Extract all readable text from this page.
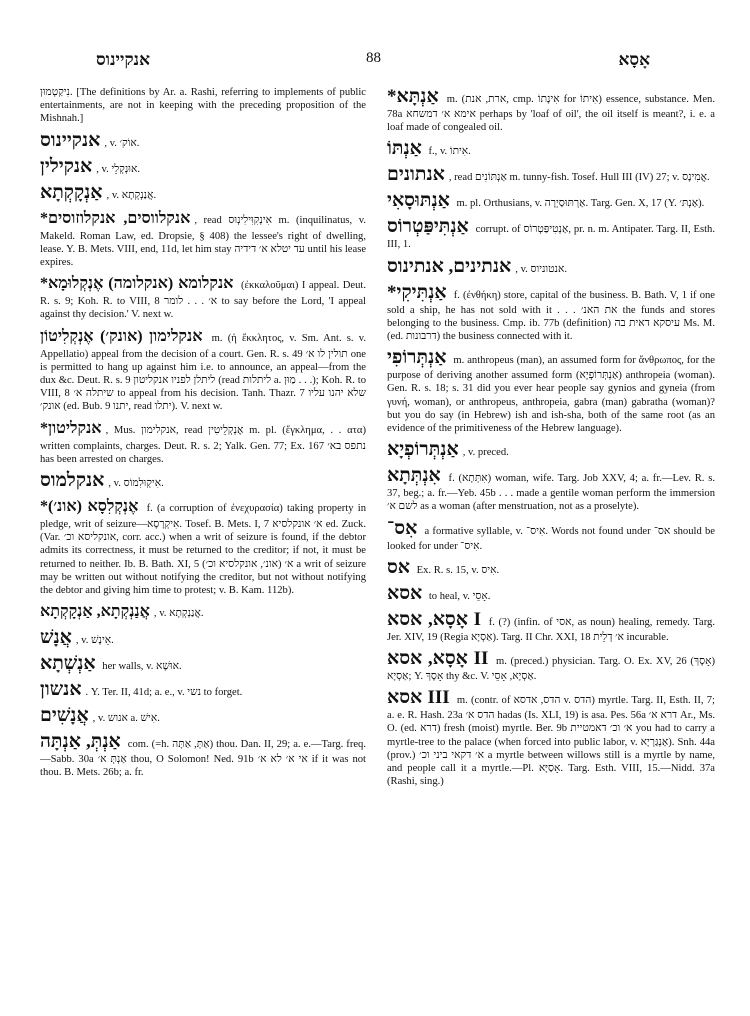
אנקיינוס	88	אָסָא
נִיקַטְמוּן. [The definitions by Ar. a. Rashi, referring to implements of public entertainments, are not in keeping with the preceding proposition of the Mishnah.]
אנקיינוס , v. אוֹק׳.
אנקילין , v. אוּנְקְלֵי.
אַנְקָקְתָא , v. אֲנַנְקְתָא.
*אנקלווסים, אנקלוזוסים , read אִינְקִוִּילִינְוּס m. (inquilinatus, v. Makeld. Roman Law, ed. Dropsie, § 408) the lessee's right of dwelling, lease. Y. B. Mets. VIII, end, 11d, let him stay עד יטלא א׳ דידיה until his lease expires.
*אנקלומא (אנקלומה) אֶנְקְלוּמָא (ἐκκαλοῦμαι) I appeal. Deut. R. s. 9; Koh. R. to VIII, 8 א׳ . . . לומר to say before the Lord, 'I appeal against thy decision.' V. next w.
אנקלימון (אונק׳) אֶנְקְלִיטוֹן m. (ἡ ἔκκλητος, v. Sm. Ant. s. v. Appellatio) appeal from the decision of a court. Gen. R. s. 49 תולין לו א׳ one is permitted to hang up against him i.e. to announce, an appeal—from the dux &c. Deut. R. s. 9 ליתלן לפניו אנקליטון (read ליתלות a. מַוּן . . .); Koh. R. to VIII, 8 שיתלה א׳ to appeal from his decision. Tanh. Thazr. 7 שלא יהנו עליו אונק׳ (ed. Bub. 9 יתנו, read יתלו). V. next w.
*אנקליטון , Mus. אנקלימון, read אֶנְקְלֵיטִין m. pl. (ἔγκλημα, . . ατα) written complaints, charges. Deut. R. s. 2; Yalk. Gen. 77; Ex. 167 נתפס בא׳ has been arrested on charges.
אנקלמוס , v. אִיקְוּלִמוֹס.
*(אונ׳) אֶנְקְלִסָא f. (a corruption of ἐνεχυρασία) taking property in pledge, writ of seizure—אִיקְרָסָא. Tosef. B. Mets. I, 7 א׳ אונקלסיא ed. Zuck. (Var. אונקליסא וכ׳, corr. acc.) when a writ of seizure is found, if the debtor admits its correctness, it must be returned to the creditor; if not, it must be returned to neither. Ib. B. Bath. XI, 5 א׳ (אונ׳, אונקלסיא וכ׳) a writ of seizure may be written out without notifying the creditor, but not without notifying the debtor and giving him time to protest; v. B. Kam. 112b).
אֲנַנְקְתָא, אַנְקָקְתָא , v. אֲנַנְקְתָא.
אֲנָשׁ , v. אֵינָשׁ.
אַנְשְׁתָא her walls, v. אוּשָׁא.
אנשון . Y. Ter. II, 41d; a. e., v. נשי to forget.
אֲנָשִׁים , v. אנוש a. אִישׁ.
אַנְתְּ, אַנְתָּה com. (=h. אַתְּ, אַתָּה) thou. Dan. II, 29; a. e.—Targ. freq.—Sabb. 30a אַנְתְּ א׳ thou, O Solomon! Ned. 91b אי א׳ לא א׳ if it was not thou. B. Mets. 26b; a. fr.
*אַנְתָּא m. (ארת, אנת, cmp. אִינָתוֹ for אִיתוֹ) essence, substance. Men. 78a אימא א׳ דמשחא perhaps by 'loaf of oil', the oil itself is meant?, i. e. a loaf made of congealed oil.
אַנְתּוֹ f., v. אִיתוֹ.
אנתונים , read אַנְתּוֹנִים m. tunny-fish. Tosef. Hull III (IV) 27; v. אֲמִינָס.
אַנְתּוּסָאִי m. pl. Orthusians, v. אַרְתּוּסַיְרָה. Targ. Gen. X, 17 (Y. אַנְתּ׳).
אַנְתִּיפַּטְרוֹס corrupt. of אַנְטִיפַּטְרוֹס, pr. n. m. Antipater. Targ. II, Esth. III, 1.
אנתינים, אנתינוס , v. אנטוניוס.
*אַנְתִּיקִי f. (ἐνθήκη) store, capital of the business. B. Bath. V, 1 if one sold a ship, he has not sold with it . . . את האנ׳ the funds and stores belonging to the business. Cmp. ib. 77b (definition) עיסקא דאית בה Ms. M. (ed. דרבונות) the business connected with it.
אַנְתְּרוֹפִי m. anthropeus (man), an assumed form for ἄνθρωπος, for the purpose of deriving another assumed form (אַנְתְּרוֹפְיָא) anthropeia (woman). Gen. R. s. 18; s. 31 did you ever hear people say gynios and gyneia (from γυνή, woman), or anthropeus, anthropeia, gabra (man) gabratha (woman)? but you do say (in Hebrew) ish and ish-sha, both of the same root (as an evidence of the primitiveness of the Hebrew language).
אַנְתְּרוֹפְיָא , v. preced.
אִנְתְּתָא f. (אִתְּתָא) woman, wife. Targ. Job XXV, 4; a. fr.—Lev. R. s. 37, beg.; a. fr.—Yeb. 45b . . . made a gentile woman perform the immersion לשם א׳ as a woman (after menstruation, not as a proselyte).
אִס־ a formative syllable, v. אִיס־. Words not found under אס־ should be looked for under אִיס־.
אס Ex. R. s. 15, v. אִיס.
אסא to heal, v. אָסֵי.
אָסָא, אסא I f. (?) (infin. of אסי, as noun) healing, remedy. Targ. Jer. XIV, 19 (Regia אַסְיָא). Targ. II Chr. XXI, 18 א׳ דְלֵית incurable.
אָסָא, אסא II m. (preced.) physician. Targ. O. Ex. XV, 26 (אָסָךְ) אַסְיָא; Y. אָסָךְ thy &c. V. אַסְיָא, אָסֵי.
אסא III m. (contr. of הדס, אדסא v. הדס) myrtle. Targ. II, Esth. II, 7; a. e. R. Hash. 23a הדס א׳ hadas (Is. XLI, 19) is asa. Pes. 56a דרא א׳ Ar., Ms. O. (ed. דרא) fresh (moist) myrtle. Ber. 9b א׳ וכ׳ דאמטיית you had to carry a myrtle-tree to the palace (when forced into public labor, v. אַנְגַּרְיָא). Snh. 44a (prov.) א׳ דקאי ביני וכ׳ a myrtle between willows still is a myrtle by name, and people call it a myrtle.—Pl. אָסַיָּא. Targ. Esth. VIII, 15.—Nidd. 37a (Rashi, sing.)
